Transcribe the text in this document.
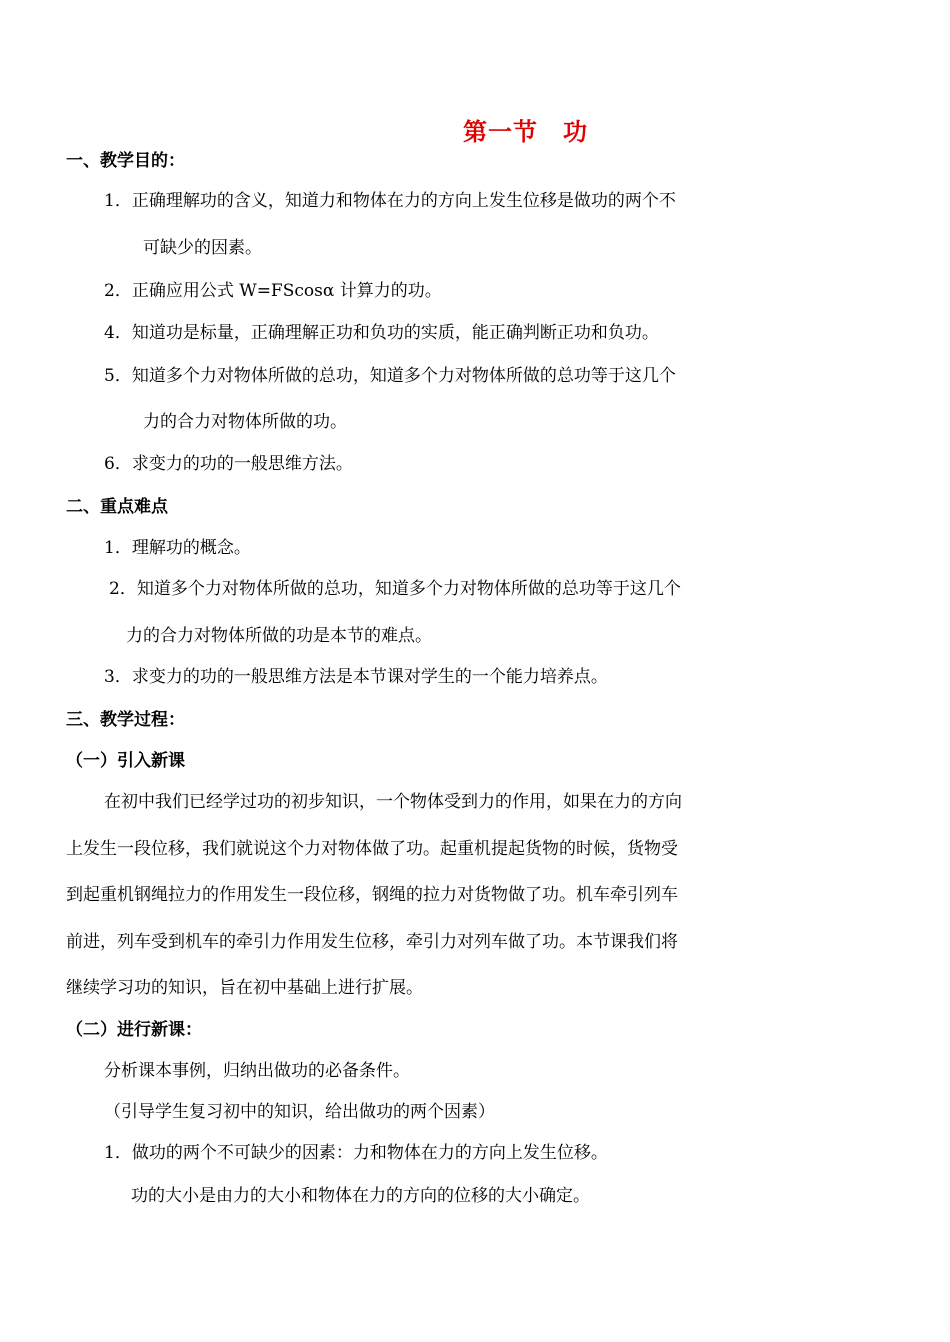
第一节　功
一、教学目的：
1．正确理解功的含义，知道力和物体在力的方向上发生位移是做功的两个不
可缺少的因素。
2．正确应用公式 W=FScosα 计算力的功。
4．知道功是标量，正确理解正功和负功的实质，能正确判断正功和负功。
5．知道多个力对物体所做的总功，知道多个力对物体所做的总功等于这几个
力的合力对物体所做的功。
6．求变力的功的一般思维方法。
二、重点难点
1．理解功的概念。
2．知道多个力对物体所做的总功，知道多个力对物体所做的总功等于这几个
力的合力对物体所做的功是本节的难点。
3．求变力的功的一般思维方法是本节课对学生的一个能力培养点。
三、教学过程：
（一）引入新课
在初中我们已经学过功的初步知识，一个物体受到力的作用，如果在力的方向
上发生一段位移，我们就说这个力对物体做了功。起重机提起货物的时候，货物受
到起重机钢绳拉力的作用发生一段位移，钢绳的拉力对货物做了功。机车牵引列车
前进，列车受到机车的牵引力作用发生位移，牵引力对列车做了功。本节课我们将
继续学习功的知识，旨在初中基础上进行扩展。
（二）进行新课：
分析课本事例，归纳出做功的必备条件。
（引导学生复习初中的知识，给出做功的两个因素）
1．做功的两个不可缺少的因素：力和物体在力的方向上发生位移。
功的大小是由力的大小和物体在力的方向的位移的大小确定。
